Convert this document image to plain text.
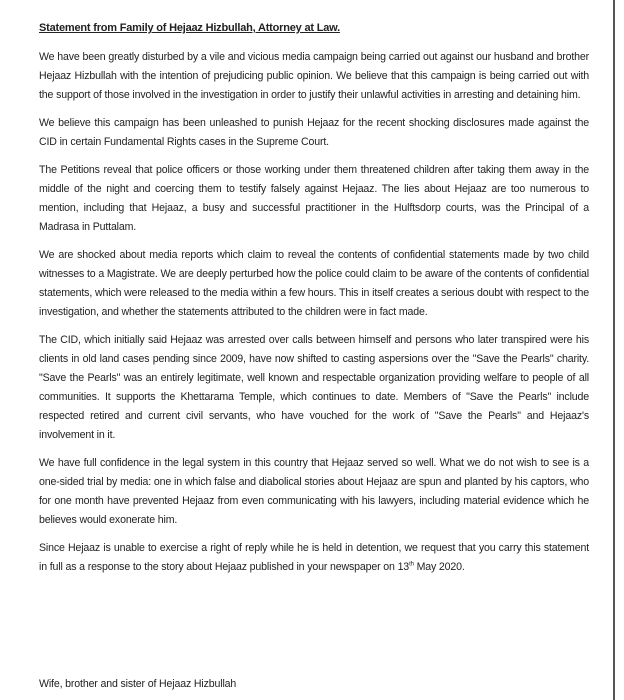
Statement from Family of Hejaaz Hizbullah, Attorney at Law.

We have been greatly disturbed by a vile and vicious media campaign being carried out against our husband and brother Hejaaz Hizbullah with the intention of prejudicing public opinion. We believe that this campaign is being carried out with the support of those involved in the investigation in order to justify their unlawful activities in arresting and detaining him.

We believe this campaign has been unleashed to punish Hejaaz for the recent shocking disclosures made against the CID in certain Fundamental Rights cases in the Supreme Court.

The Petitions reveal that police officers or those working under them threatened children after taking them away in the middle of the night and coercing them to testify falsely against Hejaaz. The lies about Hejaaz are too numerous to mention, including that Hejaaz, a busy and successful practitioner in the Hulftsdorp courts, was the Principal of a Madrasa in Puttalam.

We are shocked about media reports which claim to reveal the contents of confidential statements made by two child witnesses to a Magistrate. We are deeply perturbed how the police could claim to be aware of the contents of confidential statements, which were released to the media within a few hours. This in itself creates a serious doubt with respect to the investigation, and whether the statements attributed to the children were in fact made.

The CID, which initially said Hejaaz was arrested over calls between himself and persons who later transpired were his clients in old land cases pending since 2009, have now shifted to casting aspersions over the "Save the Pearls" charity. "Save the Pearls" was an entirely legitimate, well known and respectable organization providing welfare to people of all communities. It supports the Khettarama Temple, which continues to date. Members of "Save the Pearls" include respected retired and current civil servants, who have vouched for the work of "Save the Pearls" and Hejaaz's involvement in it.

We have full confidence in the legal system in this country that Hejaaz served so well. What we do not wish to see is a one-sided trial by media: one in which false and diabolical stories about Hejaaz are spun and planted by his captors, who for one month have prevented Hejaaz from even communicating with his lawyers, including material evidence which he believes would exonerate him.

Since Hejaaz is unable to exercise a right of reply while he is held in detention, we request that you carry this statement in full as a response to the story about Hejaaz published in your newspaper on 13th May 2020.

Wife, brother and sister of Hejaaz Hizbullah
